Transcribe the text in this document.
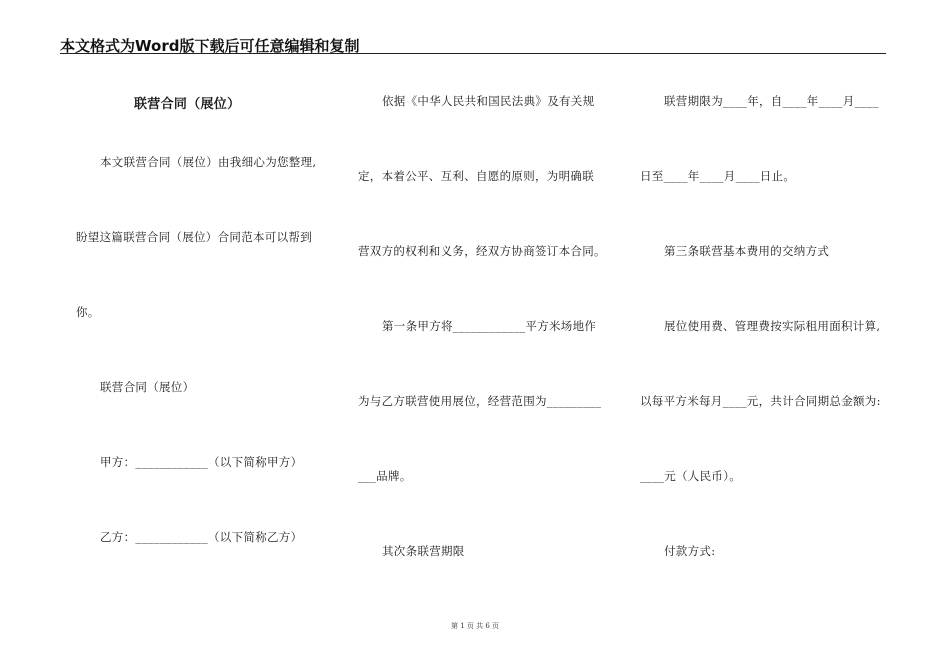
本文格式为Word版下载后可任意编辑和复制
联营合同（展位）
本文联营合同（展位）由我细心为您整理,
盼望这篇联营合同（展位）合同范本可以帮到
你。
联营合同（展位）
甲方：____________（以下简称甲方）
乙方：____________（以下简称乙方）
依据《中华人民共和国民法典》及有关规
定，本着公平、互利、自愿的原则，为明确联
营双方的权利和义务，经双方协商签订本合同。
第一条甲方将____________平方米场地作
为与乙方联营使用展位，经营范围为_________
___品牌。
其次条联营期限
联营期限为____年，自____年____月____
日至____年____月____日止。
第三条联营基本费用的交纳方式
展位使用费、管理费按实际租用面积计算,
以每平方米每月____元，共计合同期总金额为:
____元（人民币）。
付款方式:
第 1 页 共 6 页
